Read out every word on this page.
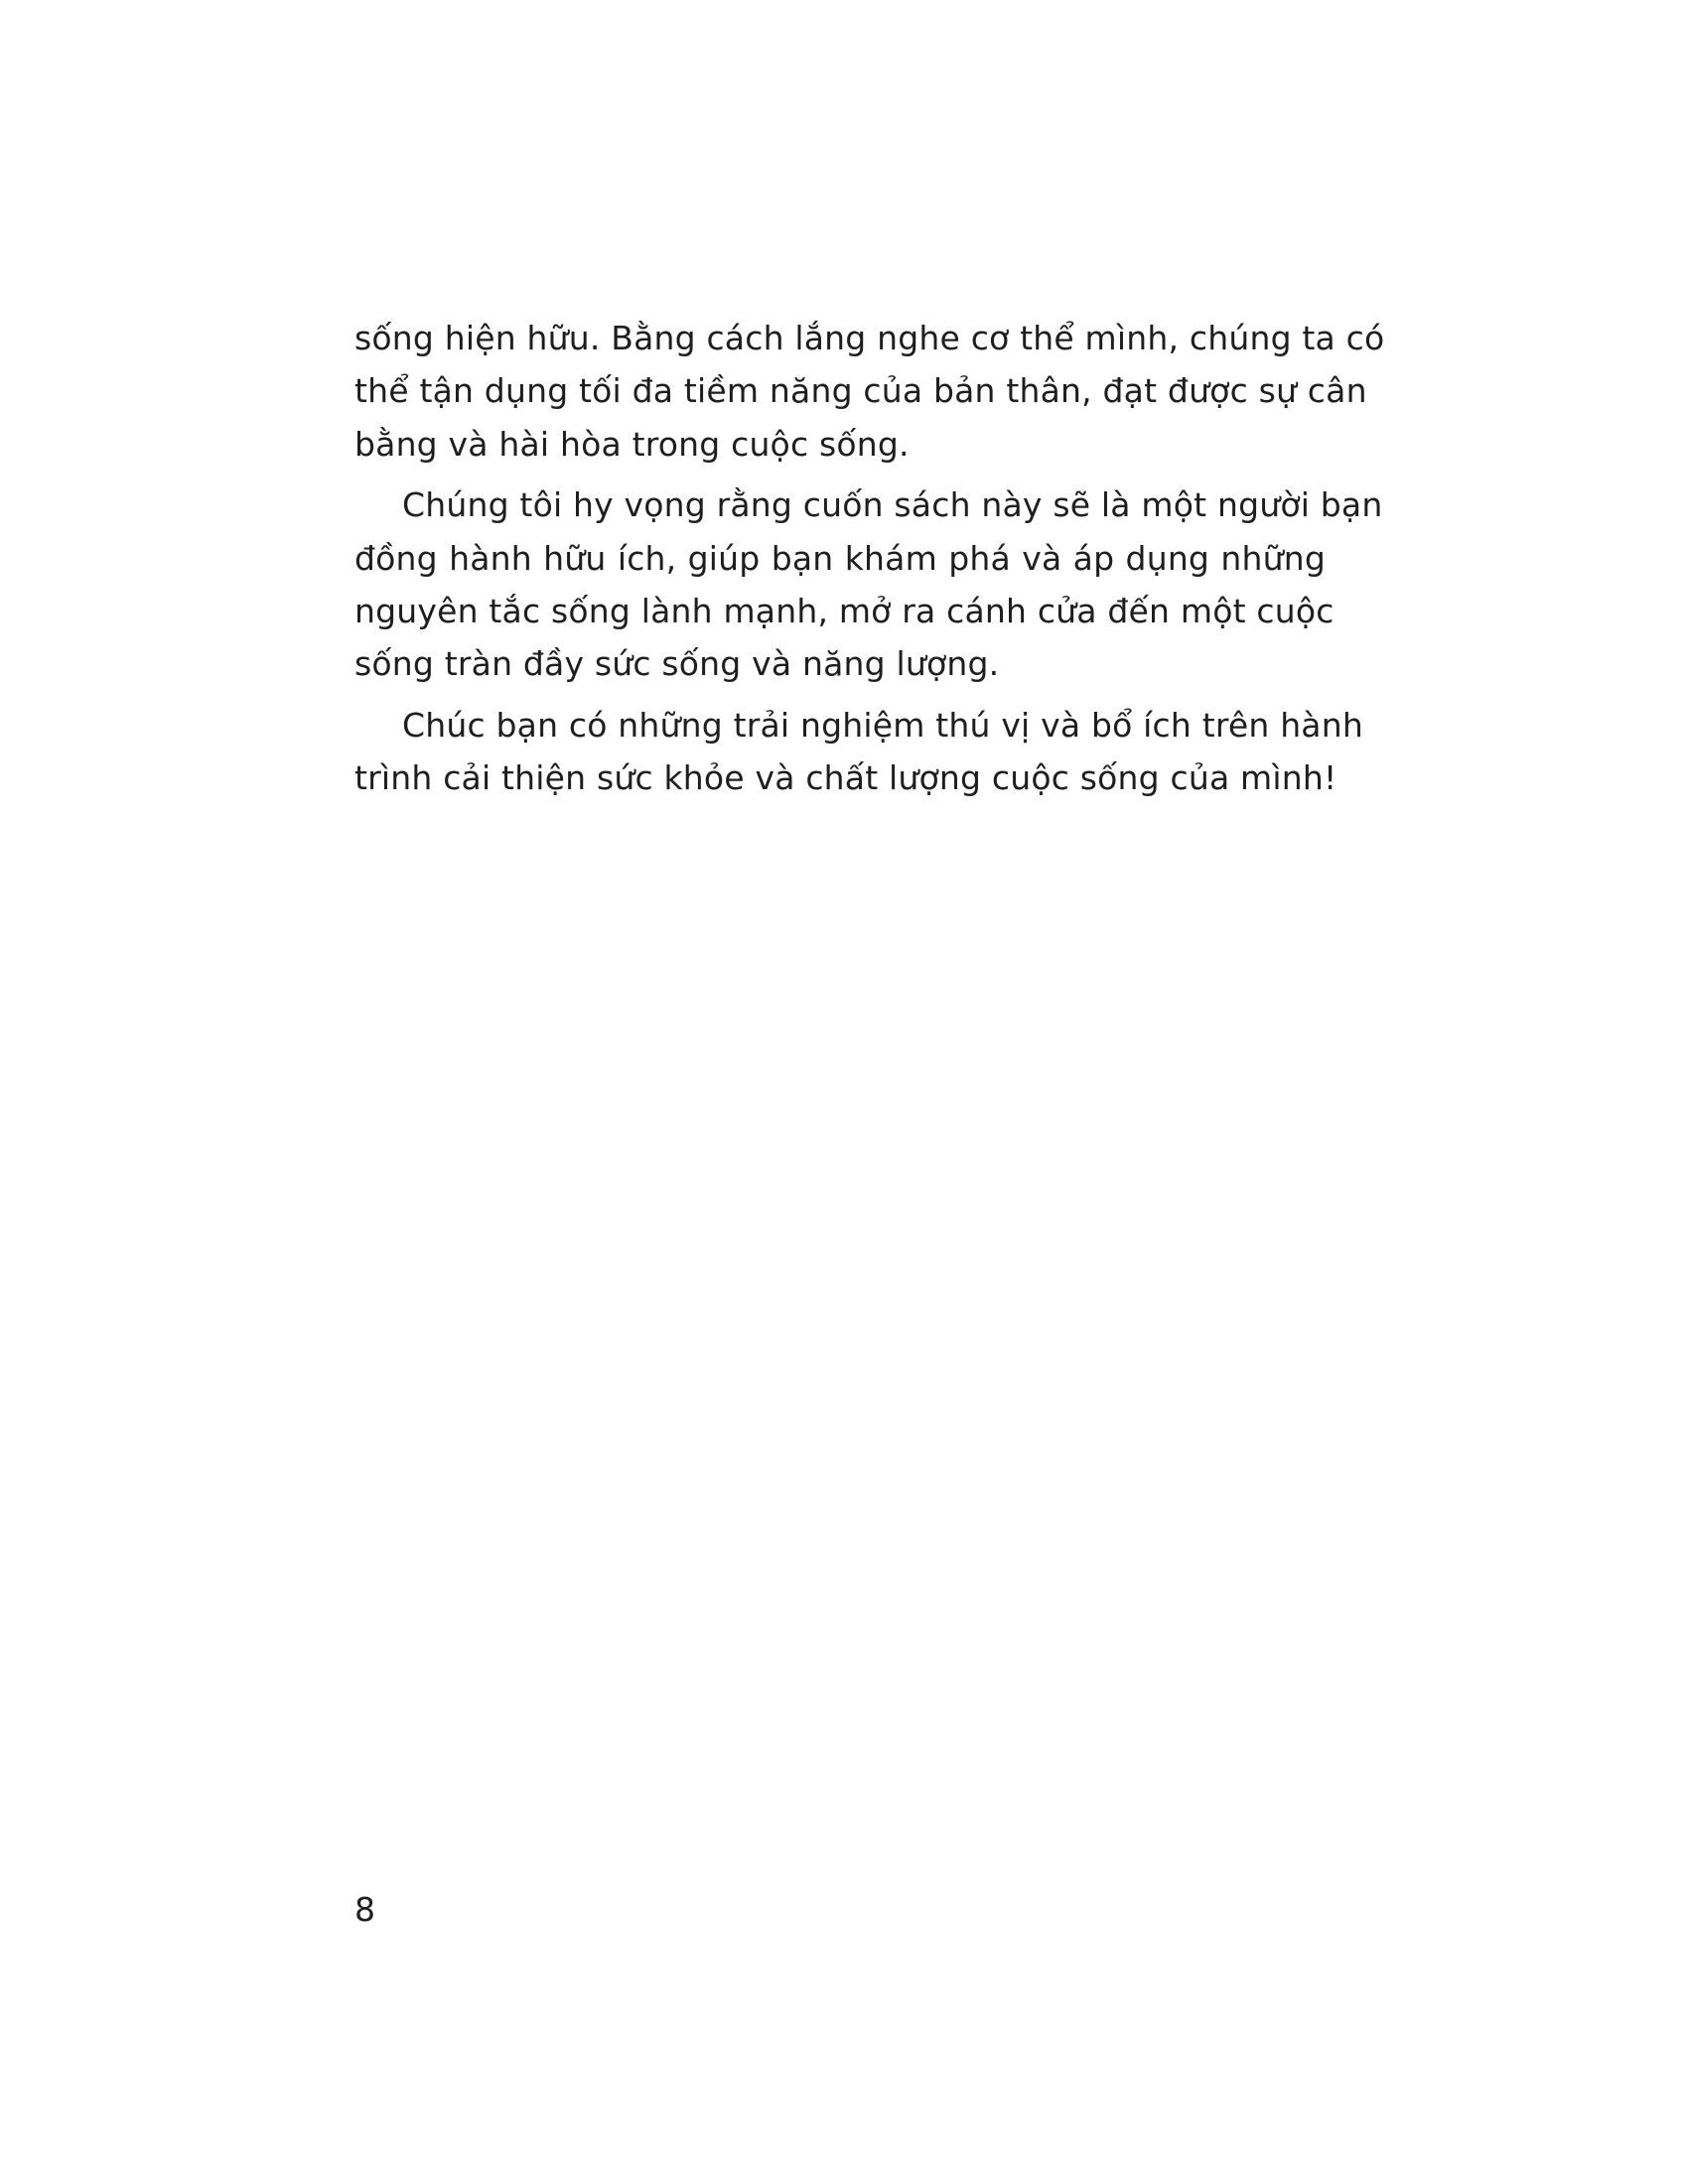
sống hiện hữu. Bằng cách lắng nghe cơ thể mình, chúng ta có
thể tận dụng tối đa tiềm năng của bản thân, đạt được sự cân
bằng và hài hòa trong cuộc sống.

Chúng tôi hy vọng rằng cuốn sách này sẽ là một người bạn
đồng hành hữu ích, giúp bạn khám phá và áp dụng những
nguyên tắc sống lành mạnh, mở ra cánh cửa đến một cuộc
sống tràn đầy sức sống và năng lượng.

Chúc bạn có những trải nghiệm thú vị và bổ ích trên hành
trình cải thiện sức khỏe và chất lượng cuộc sống của mình!

8
